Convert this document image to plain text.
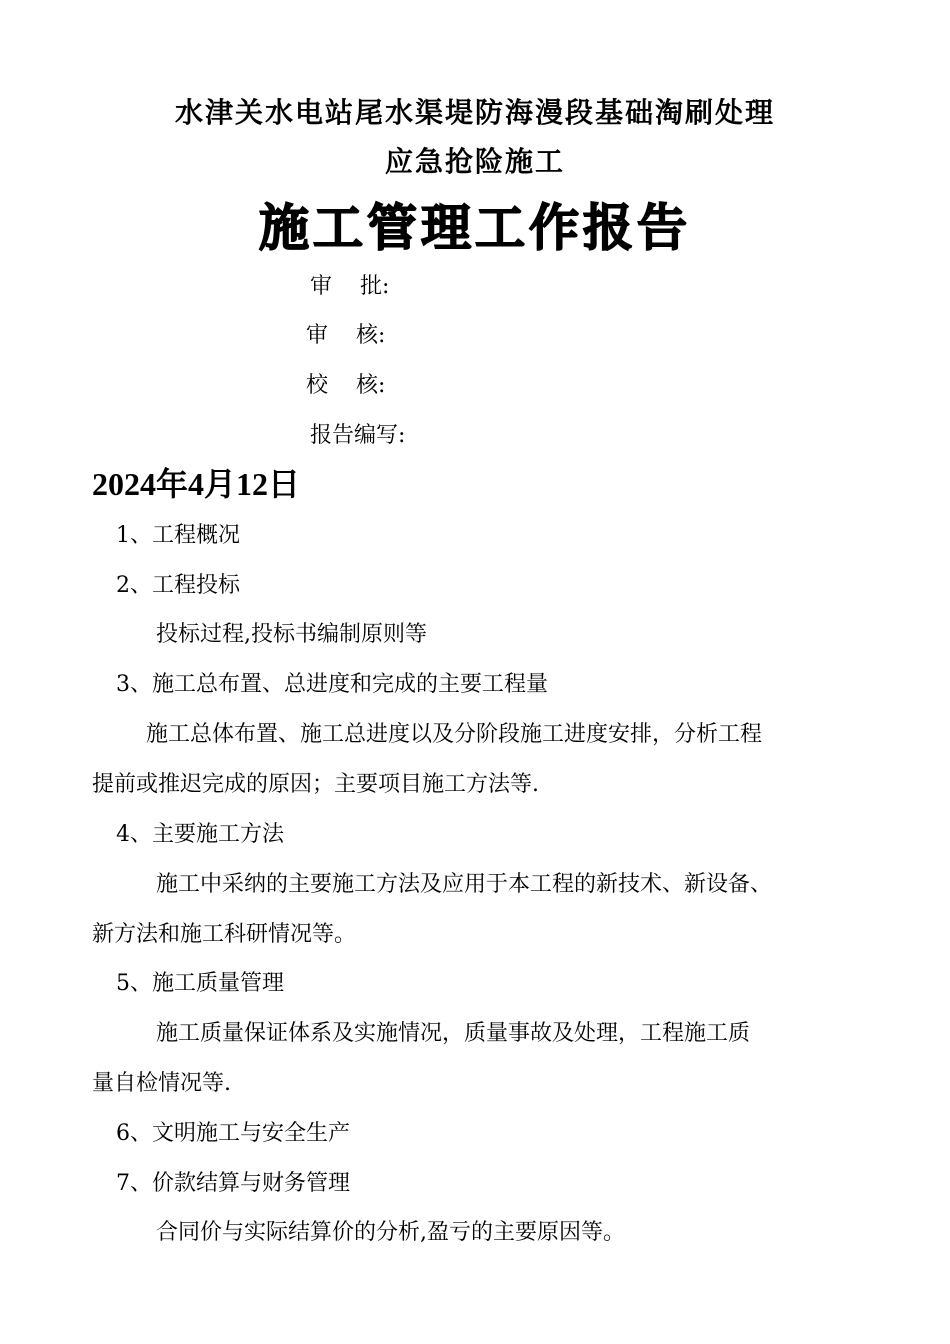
水津关水电站尾水渠堤防海漫段基础淘刷处理
应急抢险施工
施工管理工作报告
审    批:
审    核:
校    核:
报告编写:
2024年4月12日
1、工程概况
2、工程投标
投标过程,投标书编制原则等
3、施工总布置、总进度和完成的主要工程量
施工总体布置、施工总进度以及分阶段施工进度安排，分析工程
提前或推迟完成的原因；主要项目施工方法等.
4、主要施工方法
施工中采纳的主要施工方法及应用于本工程的新技术、新设备、
新方法和施工科研情况等。
5、施工质量管理
施工质量保证体系及实施情况，质量事故及处理，工程施工质
量自检情况等.
6、文明施工与安全生产
7、价款结算与财务管理
合同价与实际结算价的分析,盈亏的主要原因等。
